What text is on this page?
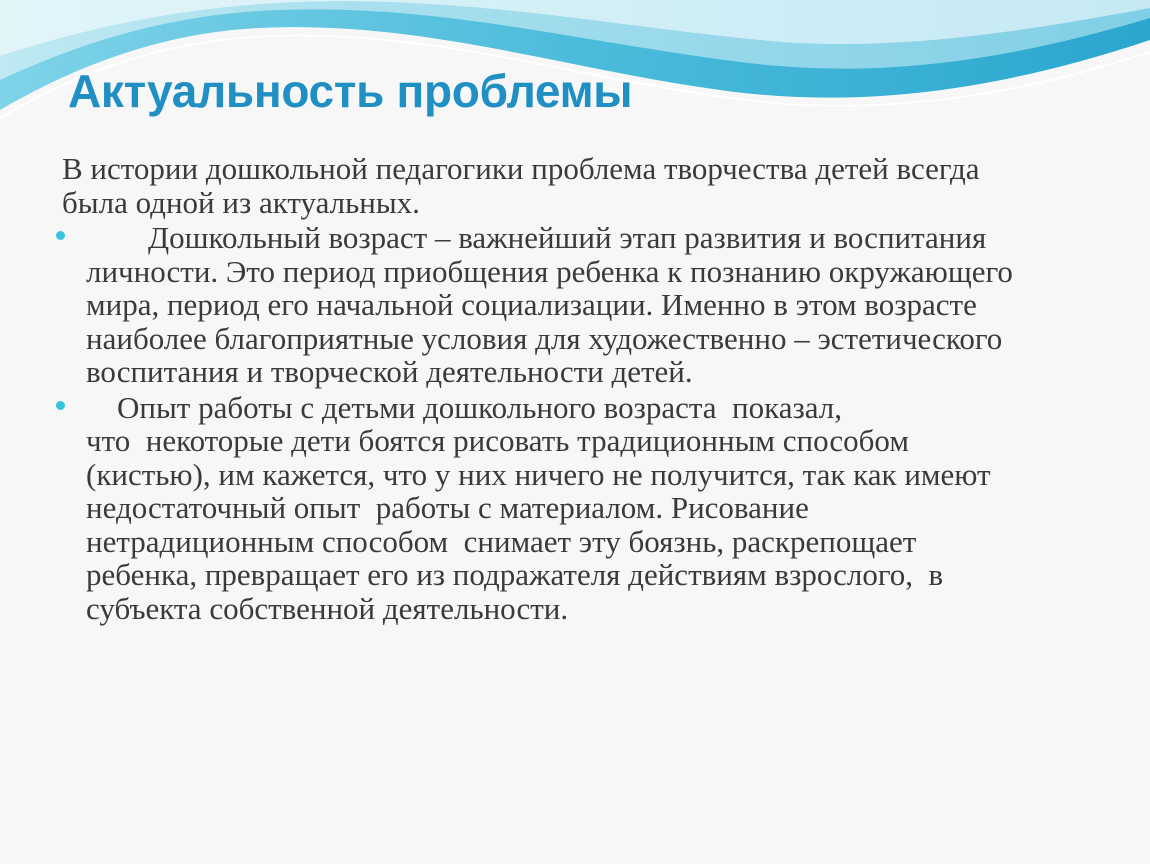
Актуальность проблемы
В истории дошкольной педагогики проблема творчества детей всегда
была одной из актуальных.
Дошкольный возраст – важнейший этап развития и воспитания
личности. Это период приобщения ребенка к познанию окружающего
мира, период его начальной социализации. Именно в этом возрасте
наиболее благоприятные условия для художественно – эстетического
воспитания и творческой деятельности детей.
Опыт работы с детьми дошкольного возраста  показал,
что  некоторые дети боятся рисовать традиционным способом
(кистью), им кажется, что у них ничего не получится, так как имеют
недостаточный опыт  работы с материалом. Рисование
нетрадиционным способом  снимает эту боязнь, раскрепощает
ребенка, превращает его из подражателя действиям взрослого,  в
субъекта собственной деятельности.
